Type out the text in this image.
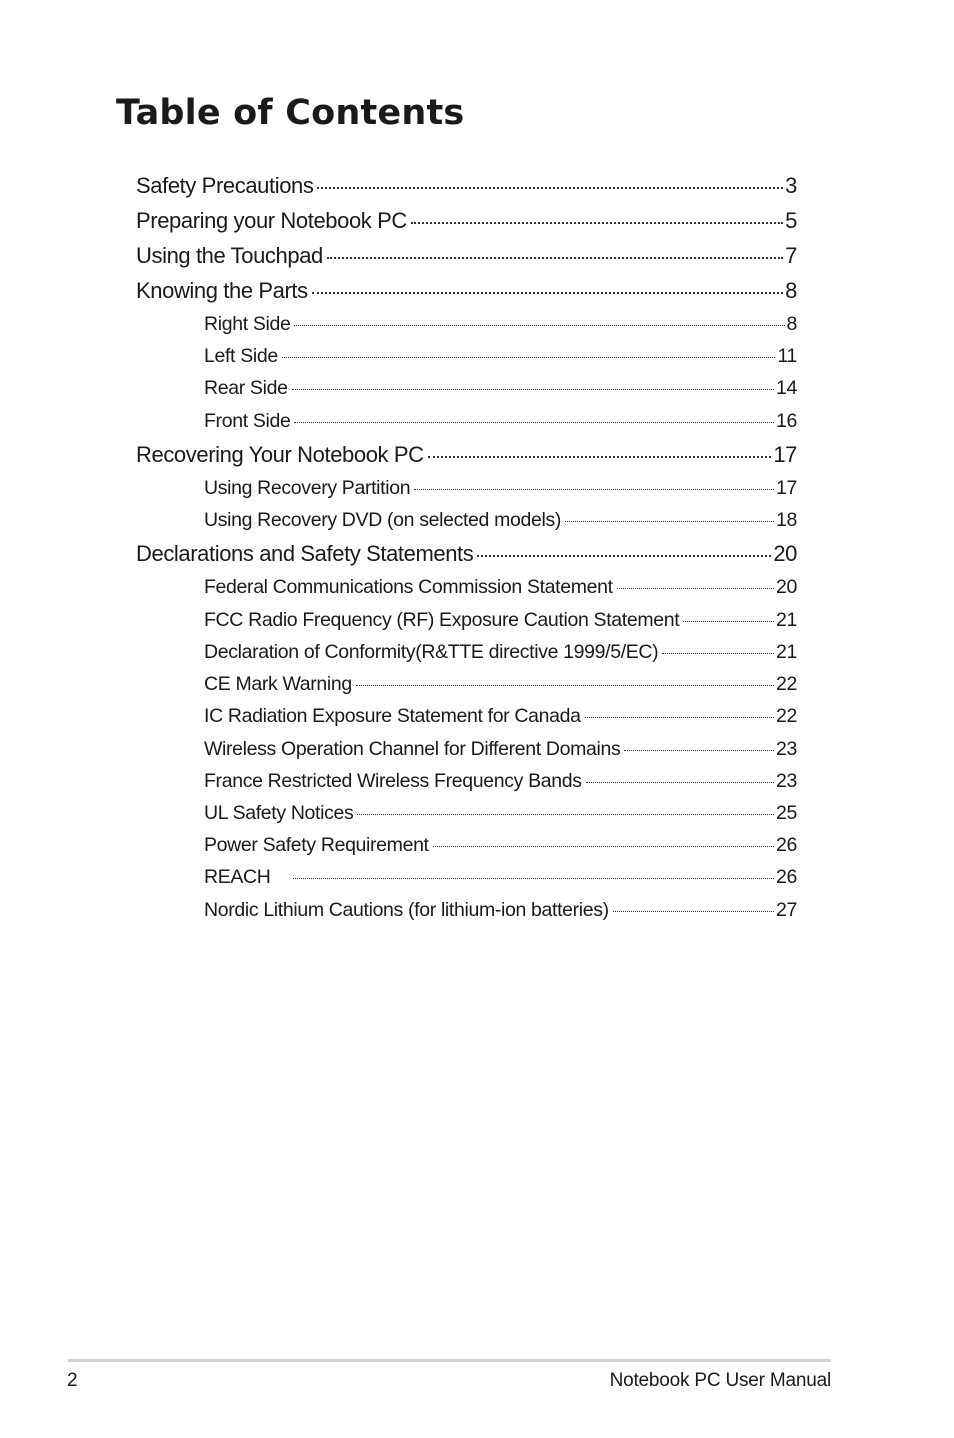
Table of Contents
Safety Precautions	3
Preparing your Notebook PC	5
Using the Touchpad	7
Knowing the Parts	8
Right Side	8
Left Side	11
Rear Side	14
Front Side	16
Recovering Your Notebook PC	17
Using Recovery Partition	17
Using Recovery DVD (on selected models)	18
Declarations and Safety Statements	20
Federal Communications Commission Statement	20
FCC Radio Frequency (RF) Exposure Caution Statement	21
Declaration of Conformity(R&TTE directive 1999/5/EC)	21
CE Mark Warning	22
IC Radiation Exposure Statement for Canada	22
Wireless Operation Channel for Different Domains	23
France Restricted Wireless Frequency Bands	23
UL Safety Notices	25
Power Safety Requirement	26
REACH	26
Nordic Lithium Cautions (for lithium-ion batteries)	27
2	Notebook PC User Manual
